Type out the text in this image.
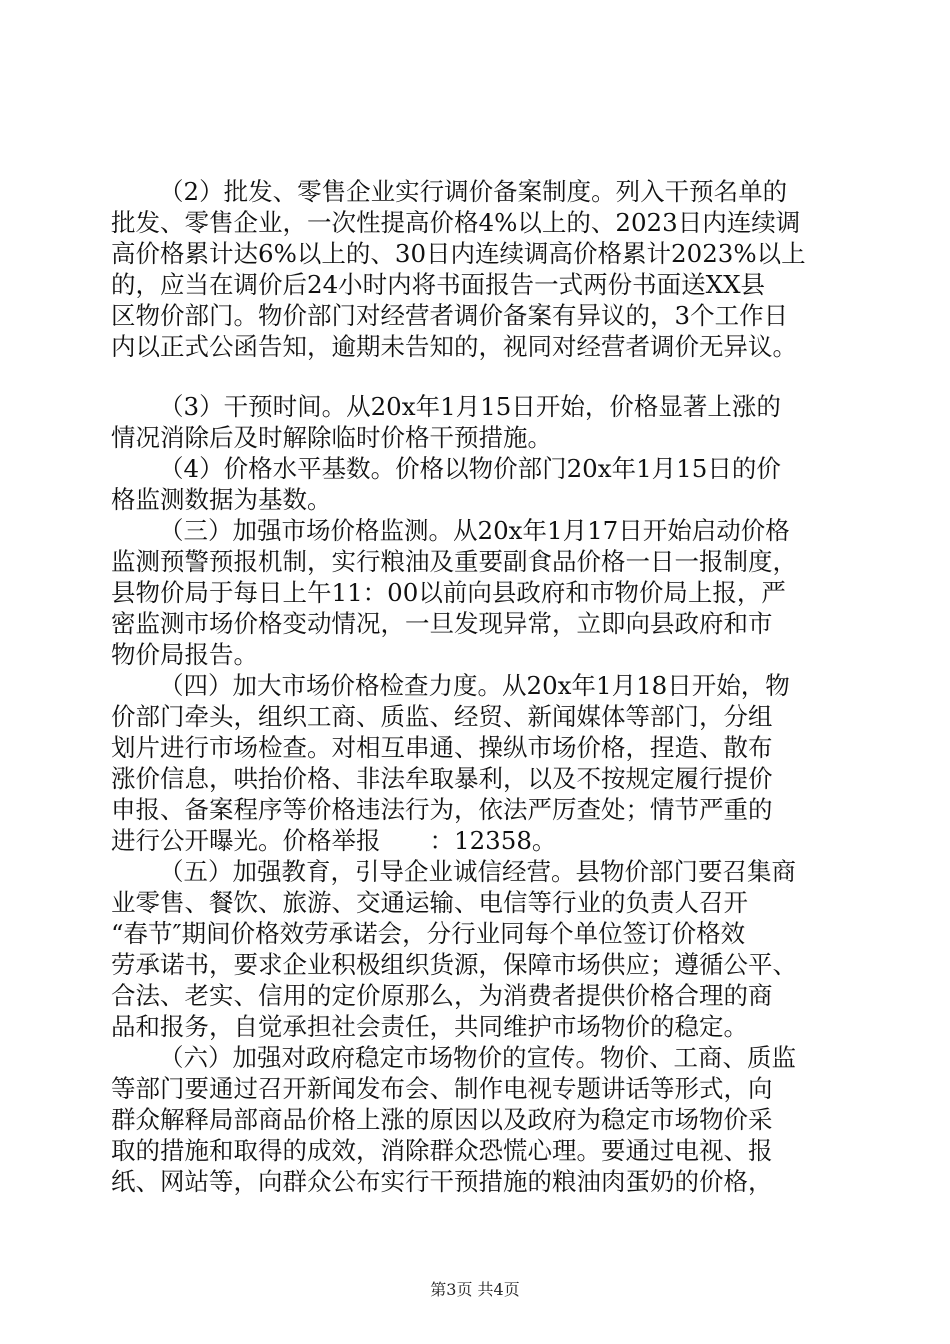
（2）批发、零售企业实行调价备案制度。列入干预名单的
批发、零售企业，一次性提高价格4%以上的、2023日内连续调
高价格累计达6%以上的、30日内连续调高价格累计2023%以上
的，应当在调价后24小时内将书面报告一式两份书面送XX县
区物价部门。物价部门对经营者调价备案有异议的，3个工作日
内以正式公函告知，逾期未告知的，视同对经营者调价无异议。
（3）干预时间。从20x年1月15日开始，价格显著上涨的
情况消除后及时解除临时价格干预措施。
（4）价格水平基数。价格以物价部门20x年1月15日的价
格监测数据为基数。
（三）加强市场价格监测。从20x年1月17日开始启动价格
监测预警预报机制，实行粮油及重要副食品价格一日一报制度，
县物价局于每日上午11：00以前向县政府和市物价局上报，严
密监测市场价格变动情况，一旦发现异常，立即向县政府和市
物价局报告。
（四）加大市场价格检查力度。从20x年1月18日开始，物
价部门牵头，组织工商、质监、经贸、新闻媒体等部门，分组
划片进行市场检查。对相互串通、操纵市场价格，捏造、散布
涨价信息，哄抬价格、非法牟取暴利，以及不按规定履行提价
申报、备案程序等价格违法行为，依法严厉查处；情节严重的
进行公开曝光。价格举报　　：12358。
（五）加强教育，引导企业诚信经营。县物价部门要召集商
业零售、餐饮、旅游、交通运输、电信等行业的负责人召开
“春节″期间价格效劳承诺会，分行业同每个单位签订价格效
劳承诺书，要求企业积极组织货源，保障市场供应；遵循公平、
合法、老实、信用的定价原那么，为消费者提供价格合理的商
品和报务，自觉承担社会责任，共同维护市场物价的稳定。
（六）加强对政府稳定市场物价的宣传。物价、工商、质监
等部门要通过召开新闻发布会、制作电视专题讲话等形式，向
群众解释局部商品价格上涨的原因以及政府为稳定市场物价采
取的措施和取得的成效，消除群众恐慌心理。要通过电视、报
纸、网站等，向群众公布实行干预措施的粮油肉蛋奶的价格，
第3页 共4页
